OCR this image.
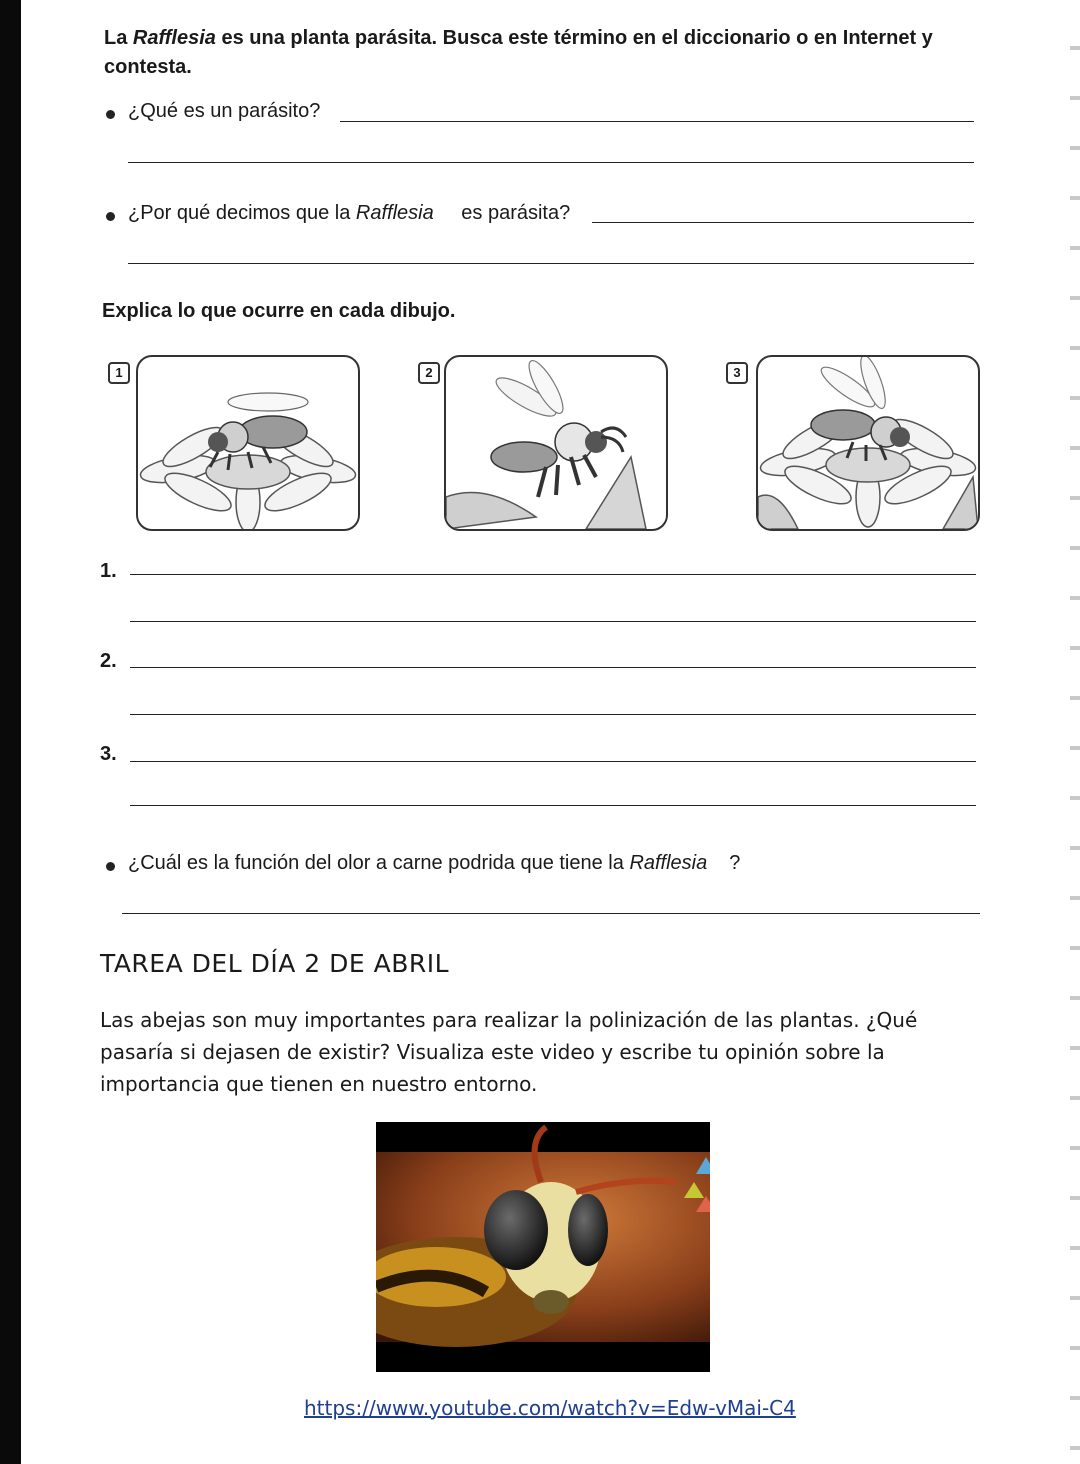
La Rafflesia es una planta parásita. Busca este término en el diccionario o en Internet y contesta.
¿Qué es un parásito?
¿Por qué decimos que la Rafflesia es parásita?
Explica lo que ocurre en cada dibujo.
1	2	3
1.
2.
3.
¿Cuál es la función del olor a carne podrida que tiene la Rafflesia ?
TAREA DEL DÍA 2 DE ABRIL
Las abejas son muy importantes para realizar la polinización de las plantas. ¿Qué pasaría si dejasen de existir? Visualiza este video y escribe tu opinión sobre la importancia que tienen en nuestro entorno.
https://www.youtube.com/watch?v=Edw-vMai-C4
